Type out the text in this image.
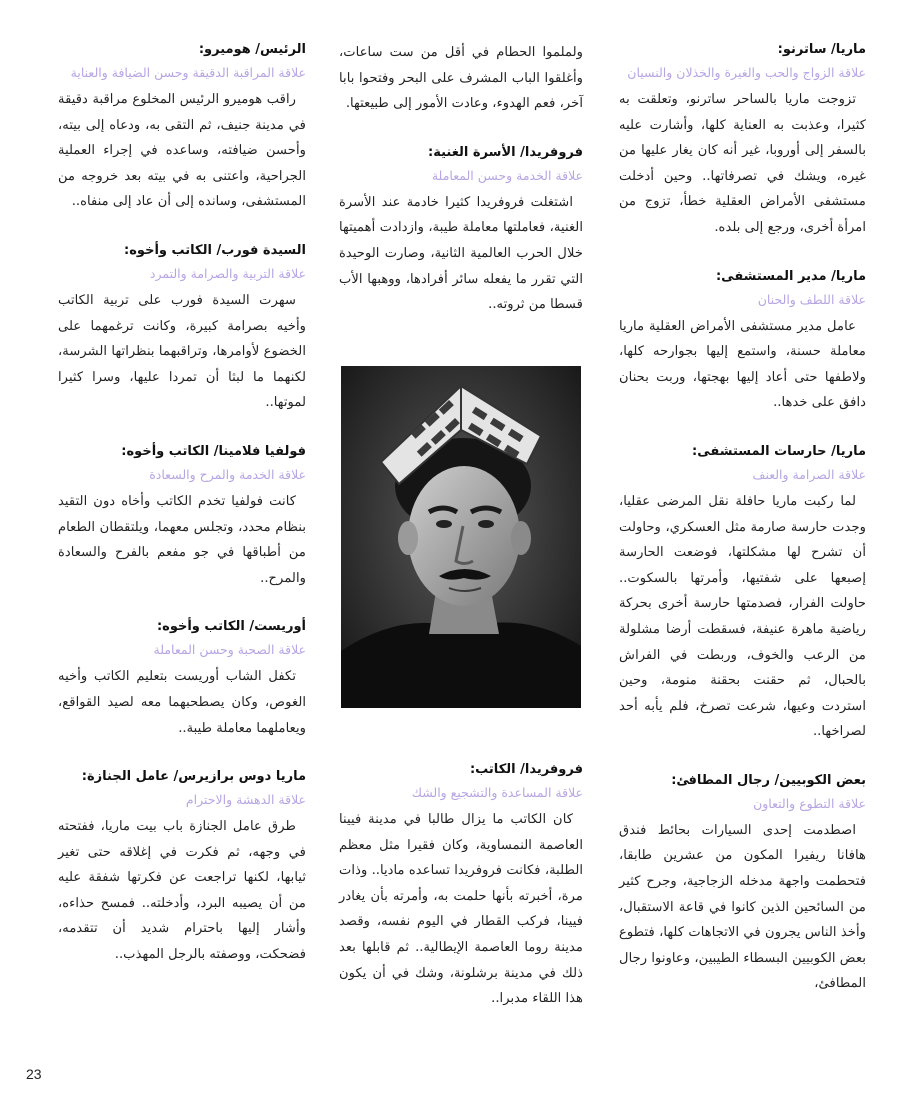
ماريا/ ساترنو:
علاقة الزواج والحب والغيرة والخذلان والنسيان

تزوجت ماريا بالساحر ساترنو، وتعلقت به كثيرا، وعذبت به العناية كلها، وأشارت عليه بالسفر إلى أوروبا، غير أنه كان يغار عليها من غيره، ويشك في تصرفاتها.. وحين أدخلت مستشفى الأمراض العقلية خطأ، تزوج من امرأة أخرى، ورجع إلى بلده.

ماريا/ مدير المستشفى:
علاقة اللطف والحنان

عامل مدير مستشفى الأمراض العقلية ماريا معاملة حسنة، واستمع إليها بجوارحه كلها، ولاطفها حتى أعاد إليها بهجتها، وربت بحنان دافق على خدها..

ماريا/ حارسات المستشفى:
علاقة الصرامة والعنف

لما ركبت ماريا حافلة نقل المرضى عقليا، وجدت حارسة صارمة مثل العسكري، وحاولت أن تشرح لها مشكلتها، فوضعت الحارسة إصبعها على شفتيها، وأمرتها بالسكوت.. حاولت الفرار، فصدمتها حارسة أخرى بحركة رياضية ماهرة عنيفة، فسقطت أرضا مشلولة من الرعب والخوف، وربطت في الفراش بالحبال، ثم حقنت بحقنة منومة، وحين استردت وعيها، شرعت تصرخ، فلم يأبه أحد لصراخها..

بعض الكوبيين/ رجال المطافئ:
علاقة التطوع والتعاون

اصطدمت إحدى السيارات بحائط فندق هافانا ريفيرا المكون من عشرين طابقا، فتحطمت واجهة مدخله الزجاجية، وجرح كثير من السائحين الذين كانوا في قاعة الاستقبال، وأخذ الناس يجرون في الاتجاهات كلها، فتطوع بعض الكوبيين البسطاء الطيبين، وعاونوا رجال المطافئ،

ولملموا الحطام في أقل من ست ساعات، وأغلقوا الباب المشرف على البحر وفتحوا بابا آخر، فعم الهدوء، وعادت الأمور إلى طبيعتها.

فروفريدا/ الأسرة الغنية:
علاقة الخدمة وحسن المعاملة

اشتغلت فروفريدا كثيرا خادمة عند الأسرة الغنية، فعاملتها معاملة طيبة، وازدادت أهميتها خلال الحرب العالمية الثانية، وصارت الوحيدة التي تقرر ما يفعله سائر أفرادها، ووهبها الأب قسطا من ثروته..

فروفريدا/ الكاتب:
علاقة المساعدة والتشجيع والشك

كان الكاتب ما يزال طالبا في مدينة فيينا العاصمة النمساوية، وكان فقيرا مثل معظم الطلبة، فكانت فروفريدا تساعده ماديا.. وذات مرة، أخبرته بأنها حلمت به، وأمرته بأن يغادر فيينا، فركب القطار في اليوم نفسه، وقصد مدينة روما العاصمة الإيطالية.. ثم قابلها بعد ذلك في مدينة برشلونة، وشك في أن يكون هذا اللقاء مدبرا..

الرئيس/ هوميرو:
علاقة المراقبة الدقيقة وحسن الضيافة والعناية

راقب هوميرو الرئيس المخلوع مراقبة دقيقة في مدينة جنيف، ثم التقى به، ودعاه إلى بيته، وأحسن ضيافته، وساعده في إجراء العملية الجراحية، واعتنى به في بيته بعد خروجه من المستشفى، وسانده إلى أن عاد إلى منفاه..

السيدة فورب/ الكاتب وأخوه:
علاقة التربية والصرامة والتمرد

سهرت السيدة فورب على تربية الكاتب وأخيه بصرامة كبيرة، وكانت ترغمهما على الخضوع لأوامرها، وتراقبهما بنظراتها الشرسة، لكنهما ما لبثا أن تمردا عليها، وسرا كثيرا لموتها..

فولفيا فلامينا/ الكاتب وأخوه:
علاقة الخدمة والمرح والسعادة

كانت فولفيا تخدم الكاتب وأخاه دون التقيد بنظام محدد، وتجلس معهما، ويلتقطان الطعام من أطباقها في جو مفعم بالفرح والسعادة والمرح..

أوريست/ الكاتب وأخوه:
علاقة الصحبة وحسن المعاملة

تكفل الشاب أوريست بتعليم الكاتب وأخيه الغوص، وكان يصطحبهما معه لصيد القواقع، ويعاملهما معاملة طيبة..

ماريا دوس برازيرس/ عامل الجنازة:
علاقة الدهشة والاحترام

طرق عامل الجنازة باب بيت ماريا، ففتحته في وجهه، ثم فكرت في إغلاقه حتى تغير ثيابها، لكنها تراجعت عن فكرتها شفقة عليه من أن يصيبه البرد، وأدخلته.. فمسح حذاءه، وأشار إليها باحترام شديد أن تتقدمه، فضحكت، ووصفته بالرجل المهذب..

23
